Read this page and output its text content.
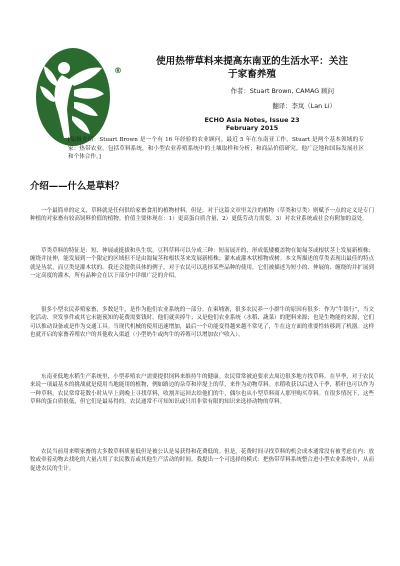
®
使用热带草料来提高东南亚的生活水平：关注
于家畜养殖
作者：Stuart Brown, CAMAG 顾问
翻译：李岚（Lan Li）
ECHO Asia Notes, Issue 23
February 2015
[编辑介绍：Stuart Brown 是一个有 16 年经验的农业顾问。最近 5 年在东南亚工作。Stuart 是两个基本领域的专家：热带农业，包括草料系统，和小型农业养殖系统中的土壤取样和分析；和商品价值研究。他广泛地和国际发展社区和个体合作。]
介绍——什么是草料？

一个最简单的定义，草料就是任何供给家畜食用的植物材料。但是，对于这篇文章里关注的植物（草类和豆类）则赋予一点的定义是专门种植的对家畜有较高饲料价值的植物。价值主要体现在：1）更高蛋白质含量，2）更低劳动力需要，3）对农业系统或社会有附加的益处。

草类草料的特征是：短、伸展或挺拔和丛生状。豆科草料可以分成三种：短而展开的，形成低矮覆盖物在匍匐茎或根状茎上发展新植株；缠绕并扯伸，能发展到一个限定的区域但不是由匍匐茎和根状茎来发展新植株；灌木或灌木状植物成树。本文所描述的草类表现出最佳的特点就是丛状，而豆类是灌木状的。我还会提供具体的例子，对于农民可以选择某些品种的使用。它们被描述为短小的、伸展的、缠绕的并扩展到一定高度的灌木，所有品种会在以下部分中详细广泛的介绍。

很多小型农民养殖家畜，多数是牛，是作为他们农业系统的一部分。在柬埔寨，很多农民养一小群牛的原因有很多：作为“牛银行”，当文化活动、突发事件或其它未能预知的花费需要钱时，他们就卖掉牛；又是他们农业系统（水稻、蔬菜）的肥料来源；也是生物能的来源，它们可以推动设备或是作为交通工具。当现代机械的使用迅速增加，最后一个功能变得越来越不常见了，牛在这方面的重要性转移到了机器。这样也就开启的家畜养殖农户的其他收入渠道（小型奶牛或肉牛的养殖可以增加农户收入）。

东南亚低地水稻生产系统里，小型养殖农户需要提供饲料来维持牛的健康。农民常常被迫要求去周边很多地方找草料。在旱季，对于农民来说一项最基本的挑战就是使用当地能用的植物，例如路边的杂草和岸堤上的草，来作为动物草料。水稻收获以后进入干季，稻秆也可以作为一种草料。农民常常花数小时从早上到晚上寻找草料，收割并运回去给他们的牛，偶尔也从小型草料商人那里购买草料。在很多情况下，这些草料的蛋白质很低，但它们是最易得的。农民通常不可知知识或只用非常有限的知识来选择动物的草料。

农民当前用来喂家畜的大多数草料质量低但是被公认是易获得和花费低的。但是，花费时间寻找草料的机会成本通常没有被考虑在内；放牧或牵着动物去找吃的大量占用了农民教育或其他生产活动的时间。我提出一个可选择的模式：把热带草料系统整合进小型农业系统中，从而促进农民的生计。
